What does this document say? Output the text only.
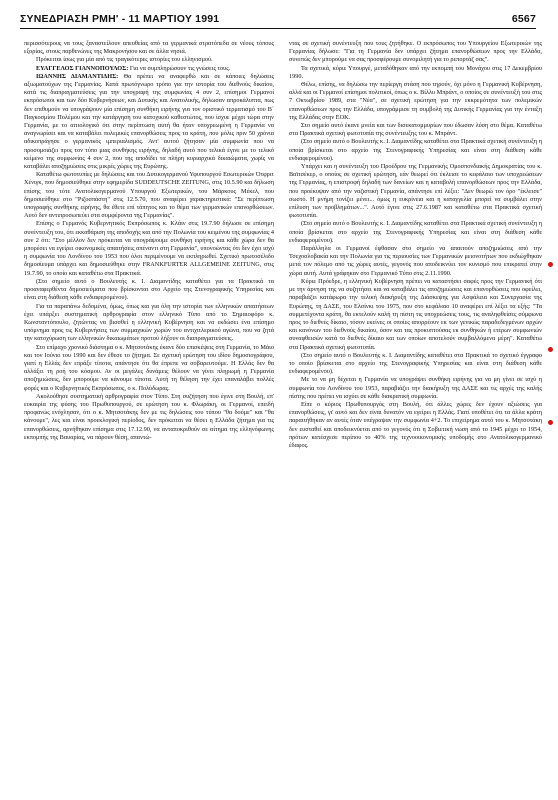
ΣΥΝΕΔΡΙΑΣΗ ΡΜΗ' - 11 ΜΑΡΤΙΟΥ 1991	6567

περισσότερους να τους ξαναστείλουν απευθείας από τα γερμανικά στρατόπεδα σε νέους τόπους εξορίας, στους παρθενώνες της Μακρονήσου και σε άλλα νησιά.

Πρόκειται ίσως για μία από τις τραγικότερες ιστορίες του ελληνισμού.

ΕΥΑΓΓΕΛΟΣ ΓΙΑΝΝΟΠΟΥΛΟΣ: Για να συμπληρώσουν τις γνώσεις τους.

ΙΩΑΝΝΗΣ ΔΙΑΜΑΝΤΙΔΗΣ: Θα πρέπει να αναφερθώ και σε κάποιες δηλώσεις αξιωματούχων της Γερμανίας. Κατά πρωτόγνωρο τρόπο για την ιστορία του διεθνούς δικαίου, κατά τις διαπραγματεύσεις για την υπογραφή της συμφωνίας 4 συν 2, επίσημοι Γερμανοί εκπρόσωποι και των δύο Κυβερνήσεων, και Δυτικής και Ανατολικής, δήλωσαν απροκάλυπτα, πως δεν επιθυμούν να υπογράψουν μία επίσημη συνθήκη ειρήνης για τον οριστικό τερματισμό του Β΄ Παγκοσμίου Πολέμου και την κατάργηση του κατοχικού καθεστώτος, που ίσχυε μέχρι τώρα στην Γερμανία, με το αιτιολογικό ότι στην περίπτωση αυτή θα ήταν υποχρεωμένη η Γερμανία να αναγνωρίσει και να καταβάλει πολεμικές επανορθώσεις προς τα κράτη, που μόλις πριν 50 χρόνια αδικοπράγησε ο γερμανικός ιμπεριαλισμός. Αντ' αυτού ζήτησαν μία συμφωνία που να προσομοιάζει προς τον τύπο μιας συνθήκης ειρήνης, δηλαδή αυτό που τελικά έγινε με το τελικό κείμενο της συμφωνίας 4 συν 2, που της αποδίδει τα πλήρη κυριαρχικά δικαιώματα, χωρίς να καταβάλει αποζημιώσεις στις μικρές χώρες της Ευρώπης.

Καταθέτω φωτοτυπίες με δηλώσεις και του Δυτικογερμανού Υφυπουργού Εσωτερικών Ότφριτ Χένιγκ, που δημοσιεύθηκε στην εφημερίδα SUDDEUTSCHE ZEITUNG, στις 10.5.90 και δήλωση επίσης του τότε Ανατολικογερμανού Υπουργού Εξωτερικών, του Μάρκους Μέκελ, που δημοσιεύθηκε στο "Ριζοσπάστη" στις 12.5.70, που αναφέρει χαρακτηριστικά: "Σε περίπτωση υπογραφής συνθήκης ειρήνης, θα έθετε επί τάπητος και το θέμα των γερμανικών επανορθώσεων. Αυτό δεν αντιπροσωπεύει στα συμφέροντα της Γερμανίας".

Επίσης ο Γερμανός Κυβερνητικός Εκπρόσωπος κ. Κλάιν στις 19.7.90 δήλωσε σε επίσημη συνέντευξη του, ότι εκκαθάριση της αποδοχής και από την Πολωνία του κειμένου της συμφωνίας 4 συν 2 ότι: "Στο μέλλον δεν πρόκειται να υπογράψουμε συνθήκη ειρήνης και κάθε χώρα δεν θα μπορέσει να εγείρει οικονομικές απαιτήσεις απέναντι στη Γερμανία", υπονοώντας ότι δεν έχει ισχύ η συμφωνία του Λονδίνου του 1953 που όλοι περιμένουμε να εκπληρωθεί. Σχετικό πρωτοσέλιδο δημοσίευμα υπάρχει και δημοσιεύθηκε στην FRANKFURTER ALLGEMEINE ZEITUNG, στις 19.7.90, το οποίο και καταθέτω στα Πρακτικά.

(Στο σημείο αυτό ο Βουλευτής κ. Ι. Διαμαντίδης καταθέτει για τα Πρακτικά τα προαναφερθέντα δημοσιεύματα που βρίσκονται στο Αρχείο της Στενογραφικής Υπηρεσίας και είναι στη διάθεση κάθε ενδιαφερομένου).

Για τα παραπάνω δεδομένα, όμως, όπως και για όλη την ιστορία των ελληνικών απαιτήσεων έχει υπάρξει συστηματική αρθρογραφία στον ελληνικό Τύπο από το Σημαιοφόρο κ. Κωνσταντόπουλο, ζητώντας να βισσθεί η ελληνική Κυβέρνηση και να εκδώσει ένα επίσημο υπόμνημα προς τις Κυβερνήσεις των συμμαχικών χωρών του αντιχιτλερικού αγώνα, που να ζητά την κατοχύρωση των ελληνικών δικαιωμάτων προτού λήξουν οι διαπραγματεύσεις.

Στο επίμαχο χρονικό διάστημα ο κ. Μητσοτάκης έκανε δύο επισκέψεις στη Γερμανία, το Μάιο και τον Ιούνιο του 1990 και δεν έθεσε το ζήτημα. Σε σχετική ερώτηση του ιδίου δημοσιογράφου, γιατί η Ελλάς δεν επράξε τίποτα, απάντησε ότι θα έπρεπε να σοβαρευτούμε. Η Ελλάς δεν θα αλλάξει τη ροή του κόσμου. Αν οι μεγάλες δυνάμεις θέλουν να γίνει πληρωμή η Γερμανία αποζημιώσεις, δεν μπορούμε να κάνουμε τίποτα. Αυτή τη θέληση την έχει επαναλάβει πολλές φορές και ο Κυβερνητικός Εκπρόσωπος, ο κ. Πολύδωρας.

Ακολούθησε συστηματική αρθρογραφία στον Τύπο. Στη συζήτηση που έγινε στη Βουλή, επ' ευκαιρία της φύσης του Πρωθυπουργού, σε ερώτηση του κ. Φλωράκη, οι Γερμανοί, επειδή προφανώς ενόχλησαν, ότι ο κ. Μητσοτάκης δεν με τις δηλώσεις του τύπου "θα δούμε" και "θα κάνουμε", λες και είναι προεκλογική περίοδος, δεν πρόκειται να θέσει η Ελλάδα ζήτημα για τις επανορθώσεις, αρνήθηκαν επίσημα στις 17.12.90, να ανταποκριθούν σε αίτημα της ελληνόφωνης εκπομπής της Βαυαρίας, να πάρουν θέση, απαντώ-

ντας σε σχετική συνέντευξη που τους ζητήθηκε. Ο εκπρόσωπος του Υπουργείου Εξωτερικών της Γερμανίας δήλωσε: "Για τη Γερμανία δεν υπάρχει ζήτημα επανορθώσεων προς την Ελλάδα, συνεπώς δεν μπορούμε να σας προσφέρουμε συνομιλητή για το ρεπορτάζ σας".

Τα σχετικά, κύριε Υπουργέ, μεταδόθηκαν από την εκπομπή του Μονάχου στις 17 Δεκεμβρίου 1990.

Θέλω, επίσης, να δηλώσω την περίεργη στάση που τηρούν, όχι μόνο η Γερμανική Κυβέρνηση, αλλά και οι Γερμανοί επίσημοι πολιτικοί, όπως ο κ. Βίλλυ Μπράντ, ο οποίος σε συνέντευξή του στις 7 Οκτωβρίου 1989, στα "Νέα", σε σχετική ερώτηση για την εκκρεμότητα των πολεμικών επανορθώσεων προς την Ελλάδα, υπογράμμισε τη συμβολή της Δυτικής Γερμανίας για την ένταξη της Ελλάδας στην ΕΟΚ.

Στο σημείο αυτό έκανε μνεία και των δισεκατομμυρίων που έδωσαν λύση στο θέμα. Καταθέτω στα Πρακτικά σχετική φωτοτυπία της συνέντευξης του κ. Μπράντ.

(Στο σημείο αυτό ο Βουλευτής κ. Ι. Διαμαντίδης καταθέτει στα Πρακτικά σχετική συνέντευξη η οποία βρίσκεται στο αρχείο της Στενογραφικής Υπηρεσίας και είναι στη διάθεση κάθε ενδιαφερομένου).

Υπάρχει και η συνέντευξη του Προέδρου της Γερμανικής Ομοσπονδιακής Δημοκρατίας του κ. Βαϊτσέκερ, ο οποίος σε σχετική ερώτηση, εάν θεωρεί ότι έκλεισε το κεφάλαιο των υποχρεώσεων της Γερμανίας, η επιστροφή δηλαδή των δανείων και η καταβολή επανορθώσεων προς την Ελλάδα, που προέκυψαν από την ναζιστική Γερμανία, απάντησε επί λέξει: "Δεν θεωρώ τον όρο "έκλεισε" σωστό. Η μνήμη τονίζει μένει... όμως η ευκρίνεια και η καταγγελία μπορεί να συμβάλει στην επίλυση των προβλημάτων...". Αυτό έγινε στις 27.6.1987 και καταθέτω στα Πρακτικά σχετική φωτοτυπία.

(Στο σημείο αυτό ο Βουλευτής κ. Ι. Διαμαντίδης καταθέτει στα Πρακτικά σχετική συνέντευξη η οποία βρίσκεται στο αρχείο της Στενογραφικής Υπηρεσίας και είναι στη διάθεση κάθε ενδιαφερομένου).

Παράλληλα οι Γερμανοί έφθασαν στο σημείο να απαιτούν αποζημιώσεις από την Τσεχοσλοβακία και την Πολωνία για τις περιουσίες των Γερμανικών μειονοτήτων που εκδιώχθηκαν μετά τον πόλεμο από τις χώρες αυτές, γεγονός που αποδεικνύει τον κυνισμό που επικρατεί στην χώρα αυτή. Αυτά γράφηκαν στο Γερμανικό Τύπο στις 2.11.1990.

Κύριε Πρόεδρε, η ελληνική Κυβέρνηση πρέπει να καταστήσει σαφές προς την Γερμανική ότι με την άρνηση της να συζητήσει και να καταβάλει τις αποζημιώσεις και επανορθώσεις που οφείλει, παραβιάζει κατάφωρα την τελική διακήρυξη της Διάσκεψης για Ασφάλεια και Συνεργασία της Ευρώπης, τη ΔΑΣΕ, του Ελσίνκι του 1975, που στο κεφάλαιο 10 αναφέρει επί λέξει τα εξής: "Τα συμμετέχοντα κράτη, θα εκτελούν καλή τη πίστη τις υποχρεώσεις τους, τις αναληφθείσες σύμφωνα προς το διεθνές δίκαιο, τόσον εκείνες οι οποίες απορρέουν εκ των γενικώς παραδεδεγμένων αρχών και κανόνων του διεθνούς δικαίου, όσον και τας προκυπτούσας εκ συνθηκών ή ετέρων συμφωνιών συναφθεισών κατά το διεθνές δίκαιο και των οποίων αποτελούν συμβαλλόμενα μέρη". Καταθέτω στα Πρακτικά σχετική φωτοτυπία.

(Στο σημείο αυτό ο Βουλευτής κ. Ι. Διαμαντίδης καταθέτει στα Πρακτικά το σχετικό έγγραφο το οποίο βρίσκεται στο αρχείο της Στενογραφικής Υπηρεσίας και είναι στη διάθεση κάθε ενδιαφερομένου).

Με το να μη δέχεται η Γερμανία να υπογράψει συνθήκη ειρήνης για να μη γίνει σε ισχύ η συμφωνία του Λονδίνου του 1953, παραβιάζει την διακήρυξη της ΔΑΣΕ και τις αρχές της καλής πίστης που πρέπει να ισχύει σε κάθε διακρατική συμφωνία.

Είπε ο κύριος Πρωθυπουργός στη Βουλή, ότι άλλες χώρες δεν έχουν αξιώσεις για επανορθώσεις, γι' αυτό και δεν είναι δυνατόν να εγείρει η Ελλάς. Γιατί υποθέτει ότι τα άλλα κράτη παραιτήθηκαν αν αυτές όταν υπέγραψαν την συμφωνία 4+2. Το επιχείρημα αυτό του κ. Μητσοτάκη δεν ευσταθεί και αποδεικνύεται από το γεγονός ότι η Σοβιετική νωση από το 1945 μέχρι το 1954, πρότων κατέσχεσε περίπου το 40% της τεχνοοικονομικής υποδομής στο Ανατολικογερμανικό έδαφος.
